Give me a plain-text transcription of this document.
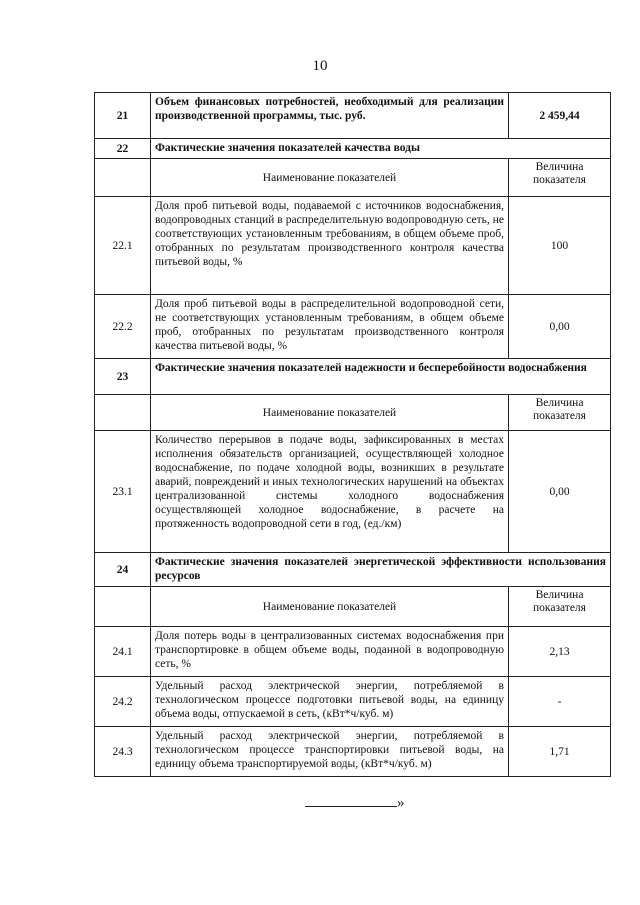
10
21	Объем финансовых потребностей, необходимый для реализации производственной программы, тыс. руб.	2 459,44
22	Фактические значения показателей качества воды	
	Наименование показателей	Величина показателя
22.1	Доля проб питьевой воды, подаваемой с источников водоснабжения, водопроводных станций в распределительную водопроводную сеть, не соответствующих установленным требованиям, в общем объеме проб, отобранных по результатам производственного контроля качества питьевой воды, %	100
22.2	Доля проб питьевой воды в распределительной водопроводной сети, не соответствующих установленным требованиям, в общем объеме проб, отобранных по результатам производственного контроля качества питьевой воды, %	0,00
23	Фактические значения показателей надежности и бесперебойности водоснабжения	
	Наименование показателей	Величина показателя
23.1	Количество перерывов в подаче воды, зафиксированных в местах исполнения обязательств организацией, осуществляющей холодное водоснабжение, по подаче холодной воды, возникших в результате аварий, повреждений и иных технологических нарушений на объектах централизованной системы холодного водоснабжения осуществляющей холодное водоснабжение, в расчете на протяженность водопроводной сети в год, (ед./км)	0,00
24	Фактические значения показателей энергетической эффективности использования ресурсов	
	Наименование показателей	Величина показателя
24.1	Доля потерь воды в централизованных системах водоснабжения при транспортировке в общем объеме воды, поданной в водопроводную сеть, %	2,13
24.2	Удельный расход электрической энергии, потребляемой в технологическом процессе подготовки питьевой воды, на единицу объема воды, отпускаемой в сеть, (кВт*ч/куб. м)	-
24.3	Удельный расход электрической энергии, потребляемой в технологическом процессе транспортировки питьевой воды, на единицу объема транспортируемой воды, (кВт*ч/куб. м)	1,71
»
